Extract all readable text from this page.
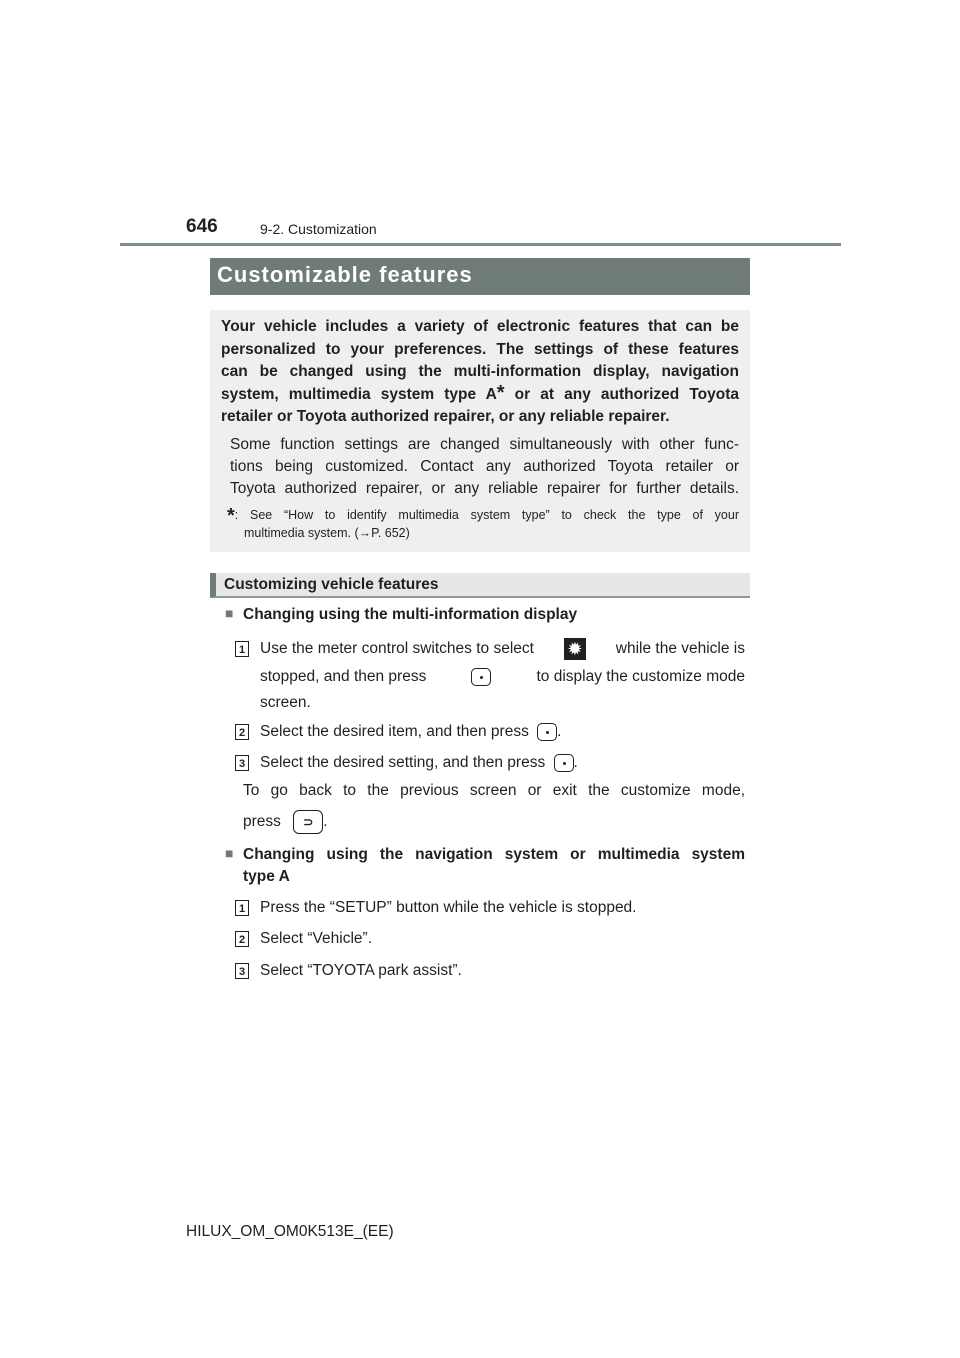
646	9-2. Customization
Customizable features
Your vehicle includes a variety of electronic features that can be
personalized to your preferences. The settings of these features
can be changed using the multi-information display, navigation
system, multimedia system type A* or at any authorized Toyota
retailer or Toyota authorized repairer, or any reliable repairer.
Some function settings are changed simultaneously with other func-
tions being customized. Contact any authorized Toyota retailer or
Toyota authorized repairer, or any reliable repairer for further details.
*: See “How to identify multimedia system type” to check the type of your
multimedia system. (→P. 652)
Customizing vehicle features
■ Changing using the multi-information display
1 Use the meter control switches to select ✹ while the vehicle is
stopped, and then press	to display the customize mode
screen.
2 Select the desired item, and then press .
3 Select the desired setting, and then press .
To go back to the previous screen or exit the customize mode,
press ⊃ .
■ Changing using the navigation system or multimedia system
type A
1 Press the “SETUP” button while the vehicle is stopped.
2 Select “Vehicle”.
3 Select “TOYOTA park assist”.
HILUX_OM_OM0K513E_(EE)
